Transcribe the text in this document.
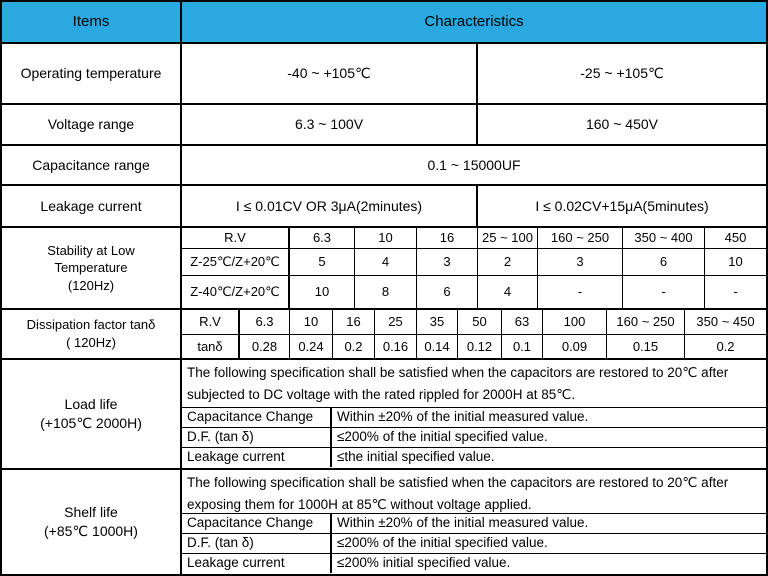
Items	Characteristics
Operating temperature	-40 ~ +105℃	-25 ~ +105℃
Voltage range	6.3 ~ 100V	160 ~ 450V
Capacitance range	0.1 ~ 15000UF
Leakage current	I ≤ 0.01CV OR 3μA(2minutes)	I ≤ 0.02CV+15μA(5minutes)
Stability at Low
Temperature
(120Hz)
R.V	6.3	10	16	25 ~ 100	160 ~ 250	350 ~ 400	450
Z-25℃/Z+20℃	5	4	3	2	3	6	10
Z-40℃/Z+20℃	10	8	6	4	-	-	-
Dissipation factor tanδ
( 120Hz)
R.V	6.3	10	16	25	35	50	63	100	160 ~ 250	350 ~ 450
tanδ	0.28	0.24	0.2	0.16	0.14	0.12	0.1	0.09	0.15	0.2
Load life
(+105℃ 2000H)
The following specification shall be satisfied when the capacitors are restored to 20℃ after
subjected to DC voltage with the rated rippled for 2000H at 85℃.
Capacitance Change	Within ±20% of the initial measured value.
D.F. (tan δ)	≤200% of the initial specified value.
Leakage current	≤the initial specified value.
Shelf life
(+85℃ 1000H)
The following specification shall be satisfied when the capacitors are restored to 20℃ after
exposing them for 1000H at 85℃ without voltage applied.
Capacitance Change	Within ±20% of the initial measured value.
D.F. (tan δ)	≤200% of the initial specified value.
Leakage current	≤200% initial specified value.
